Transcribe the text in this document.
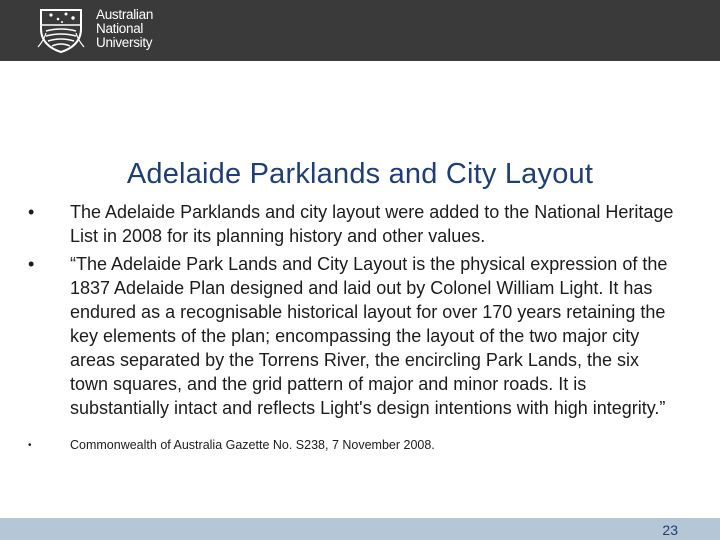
Australian
National
University
Adelaide Parklands and City Layout
• The Adelaide Parklands and city layout were added to the National Heritage List in 2008 for its planning history and other values.
• “The Adelaide Park Lands and City Layout is the physical expression of the 1837 Adelaide Plan designed and laid out by Colonel William Light. It has endured as a recognisable historical layout for over 170 years retaining the key elements of the plan; encompassing the layout of the two major city areas separated by the Torrens River, the encircling Park Lands, the six town squares, and the grid pattern of major and minor roads. It is substantially intact and reflects Light's design intentions with high integrity.”
•	Commonwealth of Australia Gazette No. S238, 7 November 2008.
23
